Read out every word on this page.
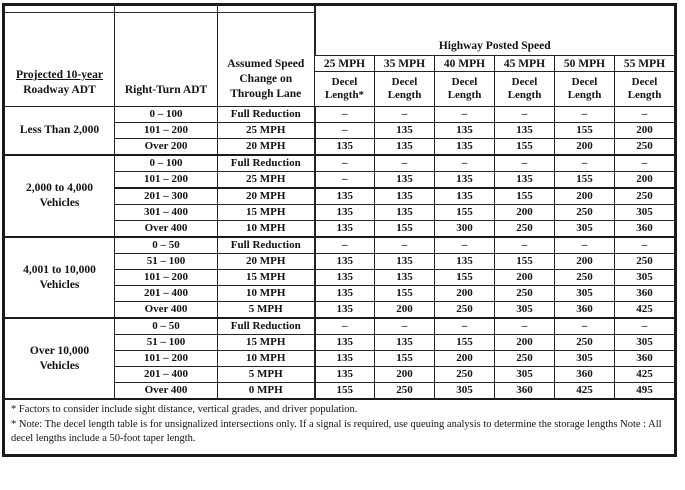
Projected 10-year
Roadway ADT	Right-Turn ADT	Assumed Speed Change on Through Lane	Highway Posted Speed					
			25 MPH	35 MPH	40 MPH	45 MPH	50 MPH	55 MPH
			Decel Length*	Decel Length	Decel Length	Decel Length	Decel Length	Decel Length

Less Than 2,000	0 – 100	Full Reduction	–	–	–	–	–	–
	101 – 200	25 MPH	–	135	135	135	155	200
	Over 200	20 MPH	135	135	135	155	200	250

2,000 to 4,000
Vehicles	0 – 100	Full Reduction	–	–	–	–	–	–
	101 – 200	25 MPH	–	135	135	135	155	200
	201 – 300	20 MPH	135	135	135	155	200	250
	301 – 400	15 MPH	135	135	155	200	250	305
	Over 400	10 MPH	135	155	300	250	305	360

4,001 to 10,000
Vehicles	0 – 50	Full Reduction	–	–	–	–	–	–
	51 – 100	20 MPH	135	135	135	155	200	250
	101 – 200	15 MPH	135	135	155	200	250	305
	201 – 400	10 MPH	135	155	200	250	305	360
	Over 400	5 MPH	135	200	250	305	360	425

Over 10,000
Vehicles	0 – 50	Full Reduction	–	–	–	–	–	–
	51 – 100	15 MPH	135	135	155	200	250	305
	101 – 200	10 MPH	135	155	200	250	305	360
	201 – 400	5 MPH	135	200	250	305	360	425
	Over 400	0 MPH	155	250	305	360	425	495

* Factors to consider include sight distance, vertical grades, and driver population.
* Note: The decel length table is for unsignalized intersections only. If a signal is required, use queuing analysis to determine the storage lengths Note : All decel lengths include a 50-foot taper length.								
